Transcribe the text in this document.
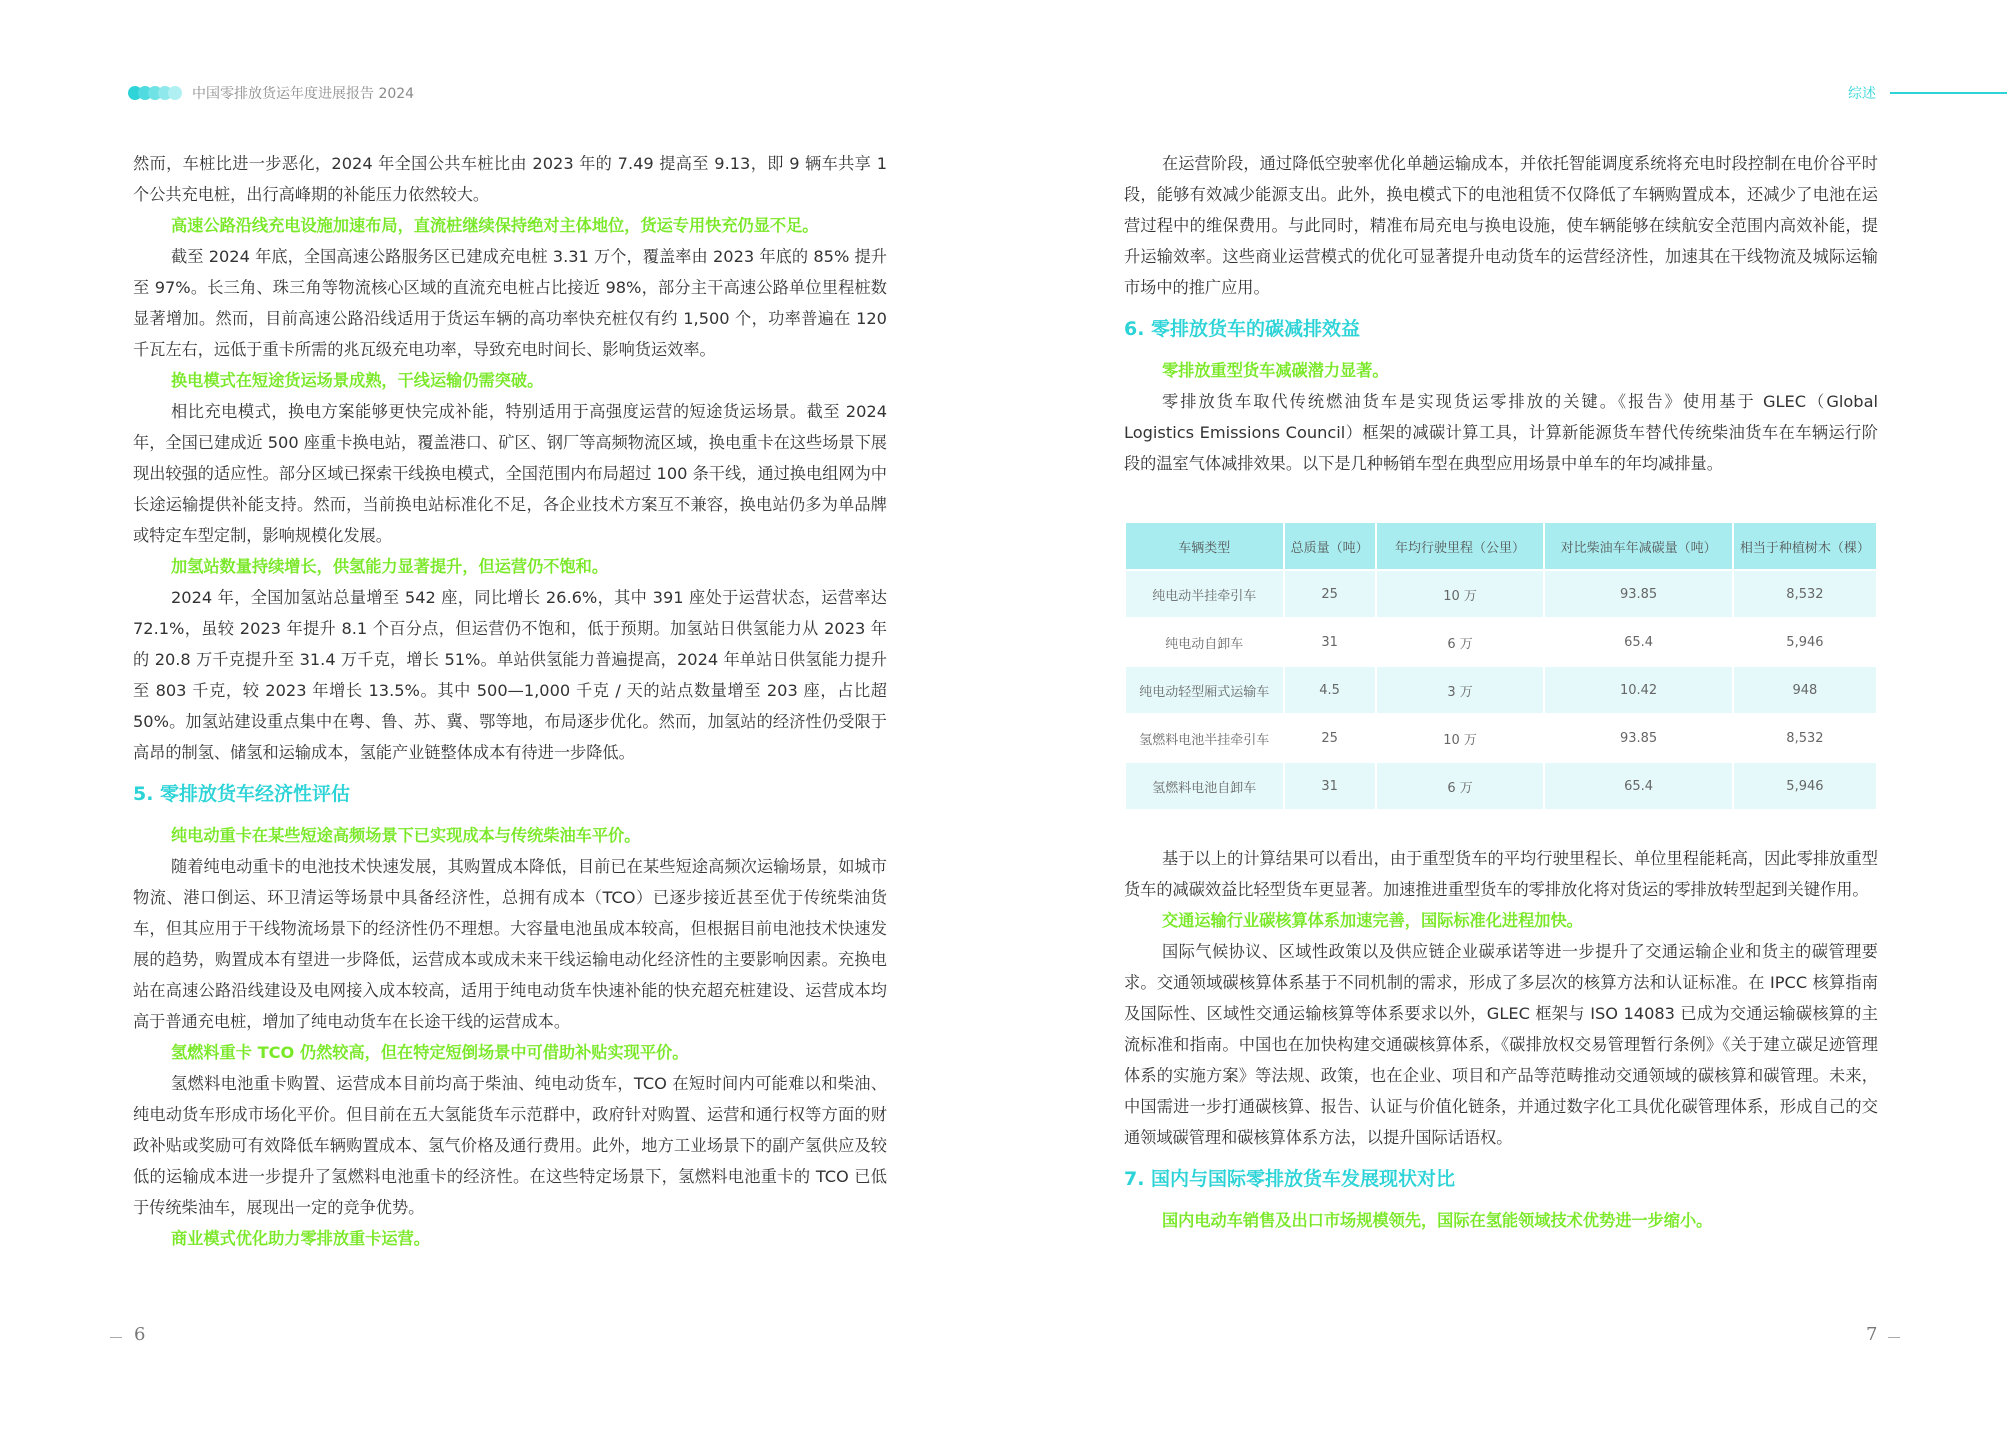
中国零排放货运年度进展报告 2024	综述

然而，车桩比进一步恶化，2024 年全国公共车桩比由 2023 年的 7.49 提高至 9.13，即 9 辆车共享 1 个公共充电桩，出行高峰期的补能压力依然较大。

高速公路沿线充电设施加速布局，直流桩继续保持绝对主体地位，货运专用快充仍显不足。

截至 2024 年底，全国高速公路服务区已建成充电桩 3.31 万个，覆盖率由 2023 年底的 85% 提升至 97%。长三角、珠三角等物流核心区域的直流充电桩占比接近 98%，部分主干高速公路单位里程桩数显著增加。然而，目前高速公路沿线适用于货运车辆的高功率快充桩仅有约 1,500 个，功率普遍在 120 千瓦左右，远低于重卡所需的兆瓦级充电功率，导致充电时间长、影响货运效率。

换电模式在短途货运场景成熟，干线运输仍需突破。

相比充电模式，换电方案能够更快完成补能，特别适用于高强度运营的短途货运场景。截至 2024 年，全国已建成近 500 座重卡换电站，覆盖港口、矿区、钢厂等高频物流区域，换电重卡在这些场景下展现出较强的适应性。部分区域已探索干线换电模式，全国范围内布局超过 100 条干线，通过换电组网为中长途运输提供补能支持。然而，当前换电站标准化不足，各企业技术方案互不兼容，换电站仍多为单品牌或特定车型定制，影响规模化发展。

加氢站数量持续增长，供氢能力显著提升，但运营仍不饱和。

2024 年，全国加氢站总量增至 542 座，同比增长 26.6%，其中 391 座处于运营状态，运营率达 72.1%，虽较 2023 年提升 8.1 个百分点，但运营仍不饱和，低于预期。加氢站日供氢能力从 2023 年的 20.8 万千克提升至 31.4 万千克，增长 51%。单站供氢能力普遍提高，2024 年单站日供氢能力提升至 803 千克，较 2023 年增长 13.5%。其中 500—1,000 千克 / 天的站点数量增至 203 座，占比超 50%。加氢站建设重点集中在粤、鲁、苏、冀、鄂等地，布局逐步优化。然而，加氢站的经济性仍受限于高昂的制氢、储氢和运输成本，氢能产业链整体成本有待进一步降低。

5. 零排放货车经济性评估

纯电动重卡在某些短途高频场景下已实现成本与传统柴油车平价。

随着纯电动重卡的电池技术快速发展，其购置成本降低，目前已在某些短途高频次运输场景，如城市物流、港口倒运、环卫清运等场景中具备经济性，总拥有成本（TCO）已逐步接近甚至优于传统柴油货车，但其应用于干线物流场景下的经济性仍不理想。大容量电池虽成本较高，但根据目前电池技术快速发展的趋势，购置成本有望进一步降低，运营成本或成未来干线运输电动化经济性的主要影响因素。充换电站在高速公路沿线建设及电网接入成本较高，适用于纯电动货车快速补能的快充超充桩建设、运营成本均高于普通充电桩，增加了纯电动货车在长途干线的运营成本。

氢燃料重卡 TCO 仍然较高，但在特定短倒场景中可借助补贴实现平价。

氢燃料电池重卡购置、运营成本目前均高于柴油、纯电动货车，TCO 在短时间内可能难以和柴油、纯电动货车形成市场化平价。但目前在五大氢能货车示范群中，政府针对购置、运营和通行权等方面的财政补贴或奖励可有效降低车辆购置成本、氢气价格及通行费用。此外，地方工业场景下的副产氢供应及较低的运输成本进一步提升了氢燃料电池重卡的经济性。在这些特定场景下，氢燃料电池重卡的 TCO 已低于传统柴油车，展现出一定的竞争优势。

商业模式优化助力零排放重卡运营。

在运营阶段，通过降低空驶率优化单趟运输成本，并依托智能调度系统将充电时段控制在电价谷平时段，能够有效减少能源支出。此外，换电模式下的电池租赁不仅降低了车辆购置成本，还减少了电池在运营过程中的维保费用。与此同时，精准布局充电与换电设施，使车辆能够在续航安全范围内高效补能，提升运输效率。这些商业运营模式的优化可显著提升电动货车的运营经济性，加速其在干线物流及城际运输市场中的推广应用。

6. 零排放货车的碳减排效益

零排放重型货车减碳潜力显著。

零排放货车取代传统燃油货车是实现货运零排放的关键。《报告》使用基于 GLEC（Global Logistics Emissions Council）框架的减碳计算工具，计算新能源货车替代传统柴油货车在车辆运行阶段的温室气体减排效果。以下是几种畅销车型在典型应用场景中单车的年均减排量。

车辆类型	总质量（吨）	年均行驶里程（公里）	对比柴油车年减碳量（吨）	相当于种植树木（棵）
纯电动半挂牵引车	25	10 万	93.85	8,532
纯电动自卸车	31	6 万	65.4	5,946
纯电动轻型厢式运输车	4.5	3 万	10.42	948
氢燃料电池半挂牵引车	25	10 万	93.85	8,532
氢燃料电池自卸车	31	6 万	65.4	5,946

基于以上的计算结果可以看出，由于重型货车的平均行驶里程长、单位里程能耗高，因此零排放重型货车的减碳效益比轻型货车更显著。加速推进重型货车的零排放化将对货运的零排放转型起到关键作用。

交通运输行业碳核算体系加速完善，国际标准化进程加快。

国际气候协议、区域性政策以及供应链企业碳承诺等进一步提升了交通运输企业和货主的碳管理要求。交通领域碳核算体系基于不同机制的需求，形成了多层次的核算方法和认证标准。在 IPCC 核算指南及国际性、区域性交通运输核算等体系要求以外，GLEC 框架与 ISO 14083 已成为交通运输碳核算的主流标准和指南。中国也在加快构建交通碳核算体系，《碳排放权交易管理暂行条例》《关于建立碳足迹管理体系的实施方案》等法规、政策，也在企业、项目和产品等范畴推动交通领域的碳核算和碳管理。未来，中国需进一步打通碳核算、报告、认证与价值化链条，并通过数字化工具优化碳管理体系，形成自己的交通领域碳管理和碳核算体系方法，以提升国际话语权。

7. 国内与国际零排放货车发展现状对比

国内电动车销售及出口市场规模领先，国际在氢能领域技术优势进一步缩小。

6	7
